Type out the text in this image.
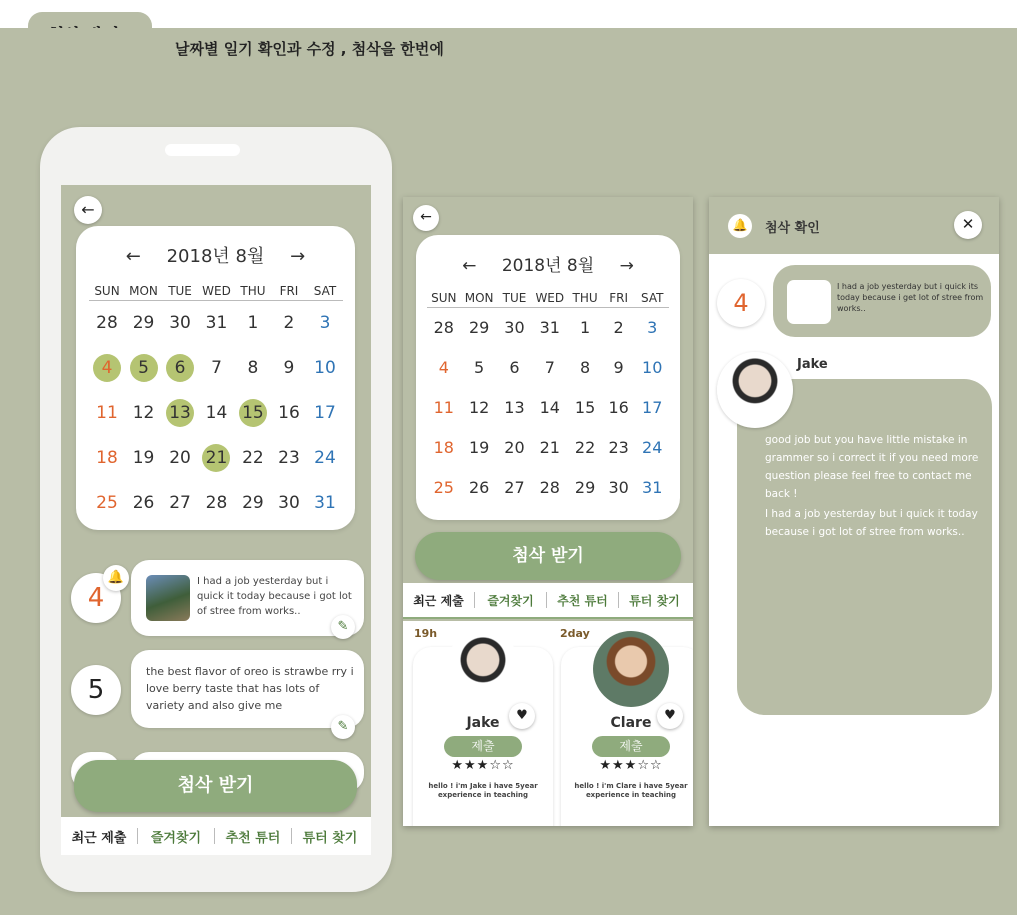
날짜별 일기 확인과 수정 , 첨삭을 한번에
←
← 2018년 8월 →
SUN	MON	TUE	WED	THU	FRI	SAT
28	29	30	31	1	2	3
4	5	6	7	8	9	10
11	12	13	14	15	16	17
18	19	20	21	22	23	24
25	26	27	28	29	30	31
4
🔔	I had a job yesterday but i quick it today because i got lot of stree from works..
✎
5
the best flavor of oreo is strawbe rry i love berry taste that has lots of variety and also give me
✎
첨삭 받기
최근 제출	즐겨찾기	추천 튜터	튜터 찾기
←
← 2018년 8월 →
SUN	MON	TUE	WED	THU	FRI	SAT
28	29	30	31	1	2	3
4	5	6	7	8	9	10
11	12	13	14	15	16	17
18	19	20	21	22	23	24
25	26	27	28	29	30	31
첨삭 받기
최근 제출	즐겨찾기	추천 튜터	튜터 찾기
19h	2day
♥
Jake
제출
★★★☆☆
hello ! i'm Jake i have 5year experience in teaching
♥
Clare
제출
★★★☆☆
hello ! i'm Clare i have 5year experience in teaching
🔔	첨삭 확인	✕
4
I had a job yesterday but i quick its today because i get lot of stree from works..
good job but you have little mistake in grammer so i correct it if you need more question please feel free to contact me back !
I had a job yesterday but i quick it today because i got lot of stree from works..
Jake
